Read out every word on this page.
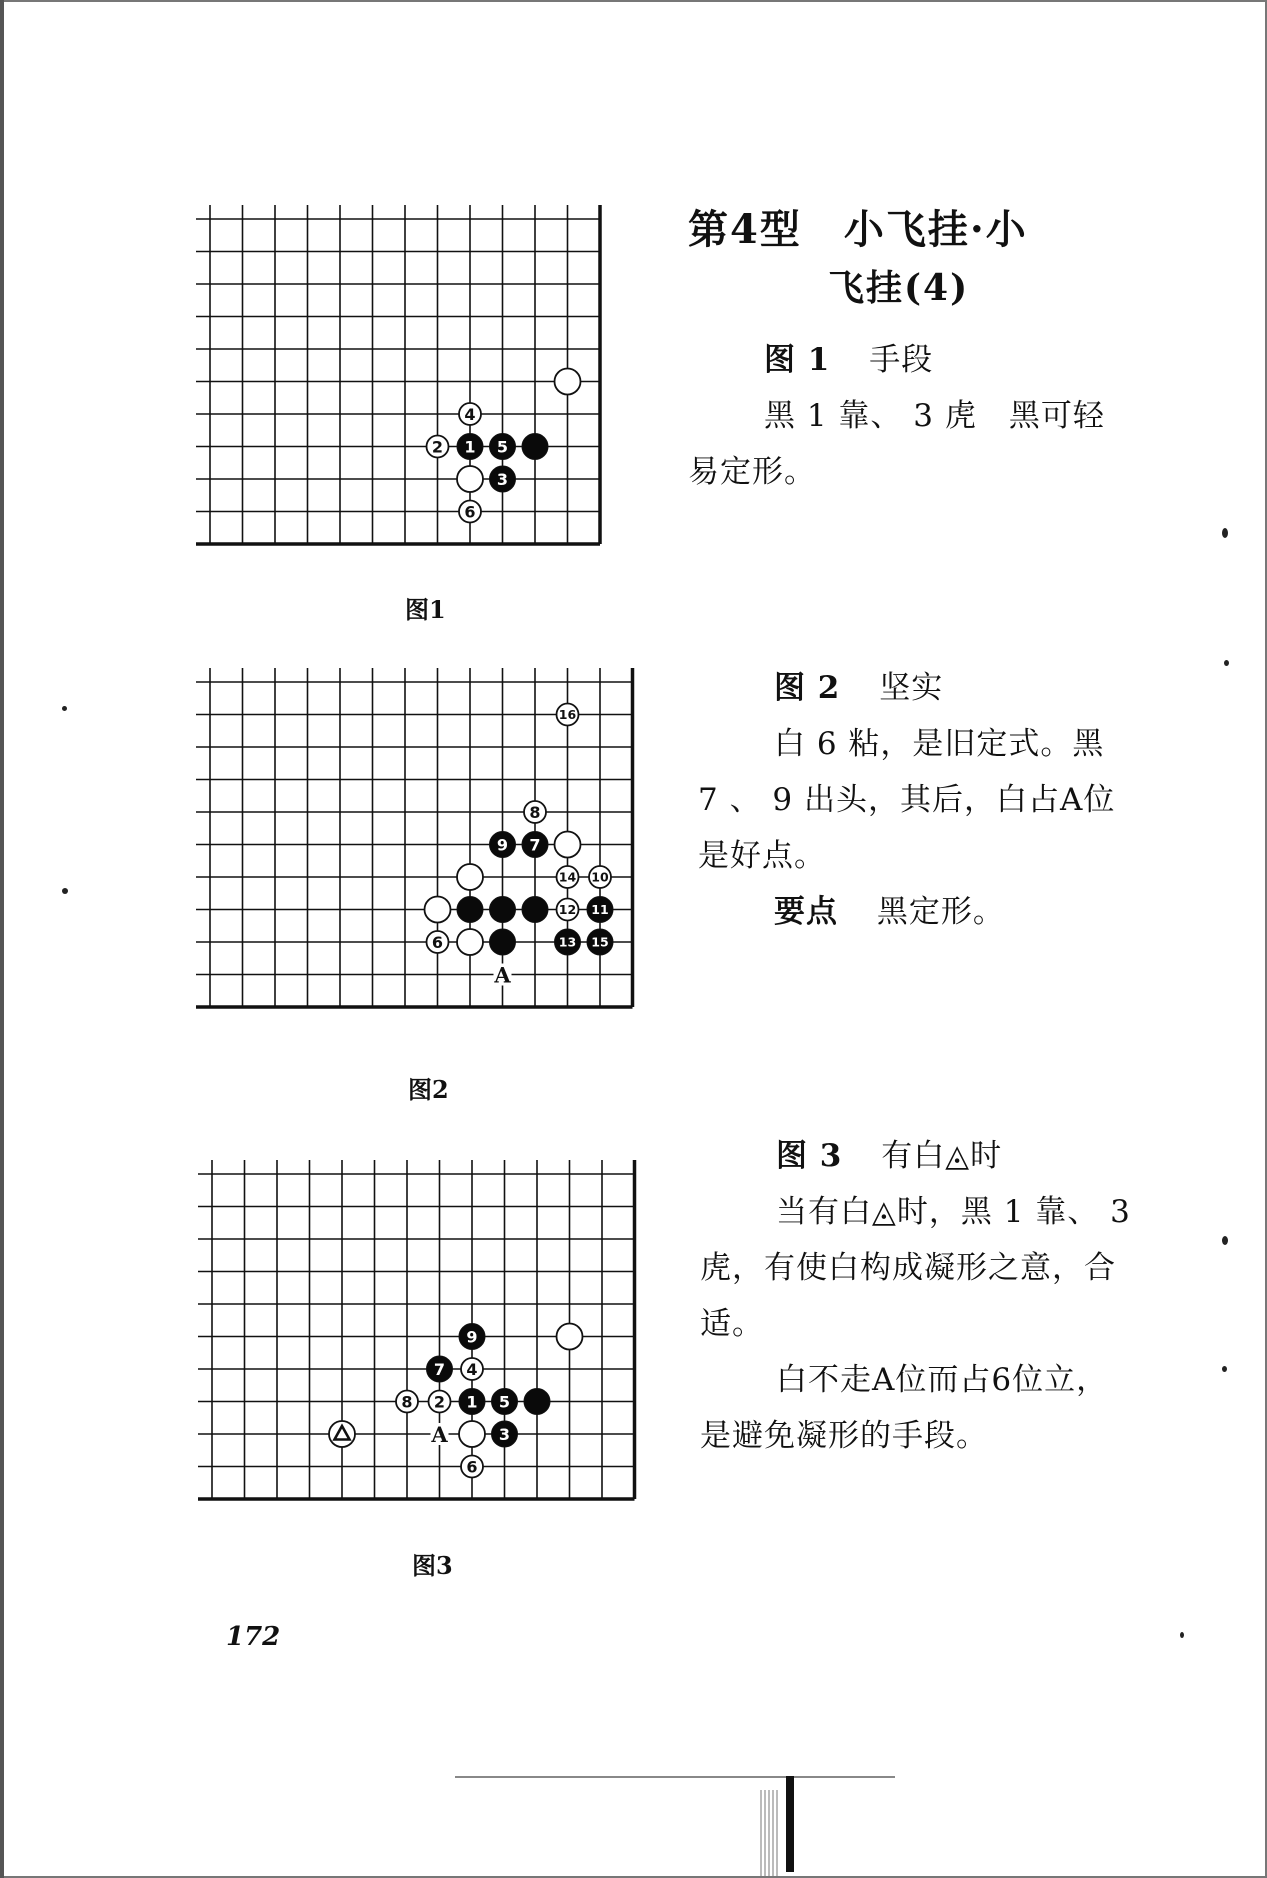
第4型　小飞挂·小
飞挂(4)
4
2 1 5
3
6
图1

图 1 手段

黑 1 靠、 3 虎　黑可轻易定形。

A
16
8
9 7
14 10
12 11
6	13 15
图2

图 2 坚实

白 6 粘，是旧定式。黑 7 、 9 出头，其后，白占A位是好点。

要点 黑定形。

A
9
7 4
8 2 1 5
3
6
图3

图 3 有白◬时

当有白◬时，黑 1 靠、 3 虎，有使白构成凝形之意，合适。

白不走A位而占6位立，是避免凝形的手段。

172
